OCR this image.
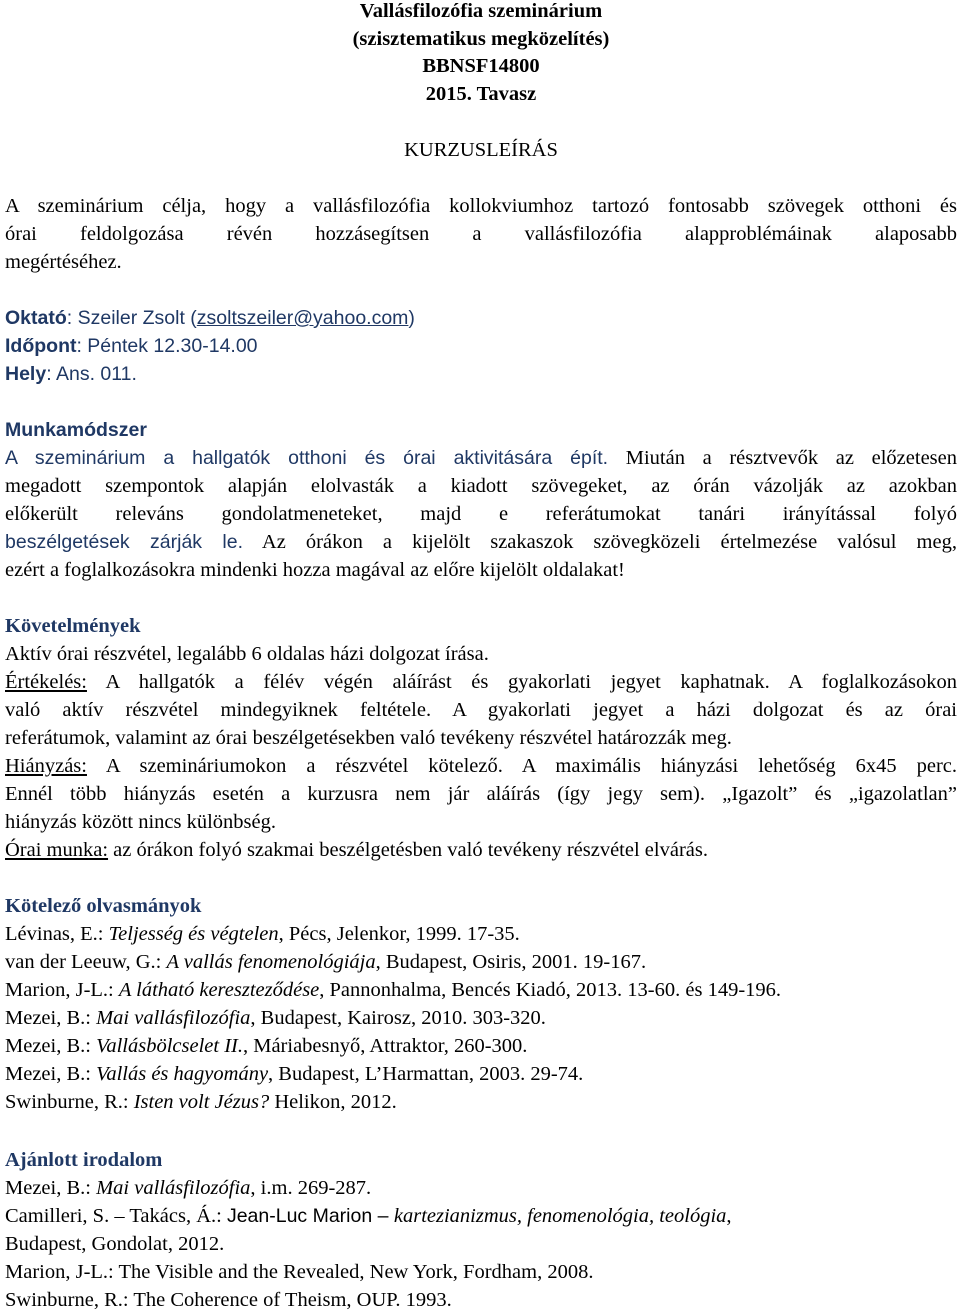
Vallásfilozófia szeminárium
(szisztematikus megközelítés)
BBNSF14800
2015. Tavasz
KURZUSLEÍRÁS
A szeminárium célja, hogy a vallásfilozófia kollokviumhoz tartozó fontosabb szövegek otthoni és
órai feldolgozása révén hozzásegítsen a vallásfilozófia alapproblémáinak alaposabb
megértéséhez.
Oktató: Szeiler Zsolt (zsoltszeiler@yahoo.com)
Időpont: Péntek 12.30-14.00
Hely: Ans. 011.
Munkamódszer
A szeminárium a hallgatók otthoni és órai aktivitására épít. Miután a résztvevők az előzetesen
megadott szempontok alapján elolvasták a kiadott szövegeket, az órán vázolják az azokban
előkerült releváns gondolatmeneteket, majd e referátumokat tanári irányítással folyó
beszélgetések zárják le. Az órákon a kijelölt szakaszok szövegközeli értelmezése valósul meg,
ezért a foglalkozásokra mindenki hozza magával az előre kijelölt oldalakat!
Követelmények
Aktív órai részvétel, legalább 6 oldalas házi dolgozat írása.
Értékelés: A hallgatók a félév végén aláírást és gyakorlati jegyet kaphatnak. A foglalkozásokon
való aktív részvétel mindegyiknek feltétele. A gyakorlati jegyet a házi dolgozat és az órai
referátumok, valamint az órai beszélgetésekben való tevékeny részvétel határozzák meg.
Hiányzás: A szemináriumokon a részvétel kötelező. A maximális hiányzási lehetőség 6x45 perc.
Ennél több hiányzás esetén a kurzusra nem jár aláírás (így jegy sem). „Igazolt” és „igazolatlan”
hiányzás között nincs különbség.
Órai munka: az órákon folyó szakmai beszélgetésben való tevékeny részvétel elvárás.
Kötelező olvasmányok
Lévinas, E.: Teljesség és végtelen, Pécs, Jelenkor, 1999. 17-35.
van der Leeuw, G.: A vallás fenomenológiája, Budapest, Osiris, 2001. 19-167.
Marion, J-L.: A látható kereszteződése, Pannonhalma, Bencés Kiadó, 2013. 13-60. és 149-196.
Mezei, B.: Mai vallásfilozófia, Budapest, Kairosz, 2010. 303-320.
Mezei, B.: Vallásbölcselet II., Máriabesnyő, Attraktor, 260-300.
Mezei, B.: Vallás és hagyomány, Budapest, L’Harmattan, 2003. 29-74.
Swinburne, R.: Isten volt Jézus? Helikon, 2012.
Ajánlott irodalom
Mezei, B.: Mai vallásfilozófia, i.m. 269-287.
Camilleri, S. – Takács, Á.: Jean-Luc Marion – kartezianizmus, fenomenológia, teológia,
Budapest, Gondolat, 2012.
Marion, J-L.: The Visible and the Revealed, New York, Fordham, 2008.
Swinburne, R.: The Coherence of Theism, OUP. 1993.
